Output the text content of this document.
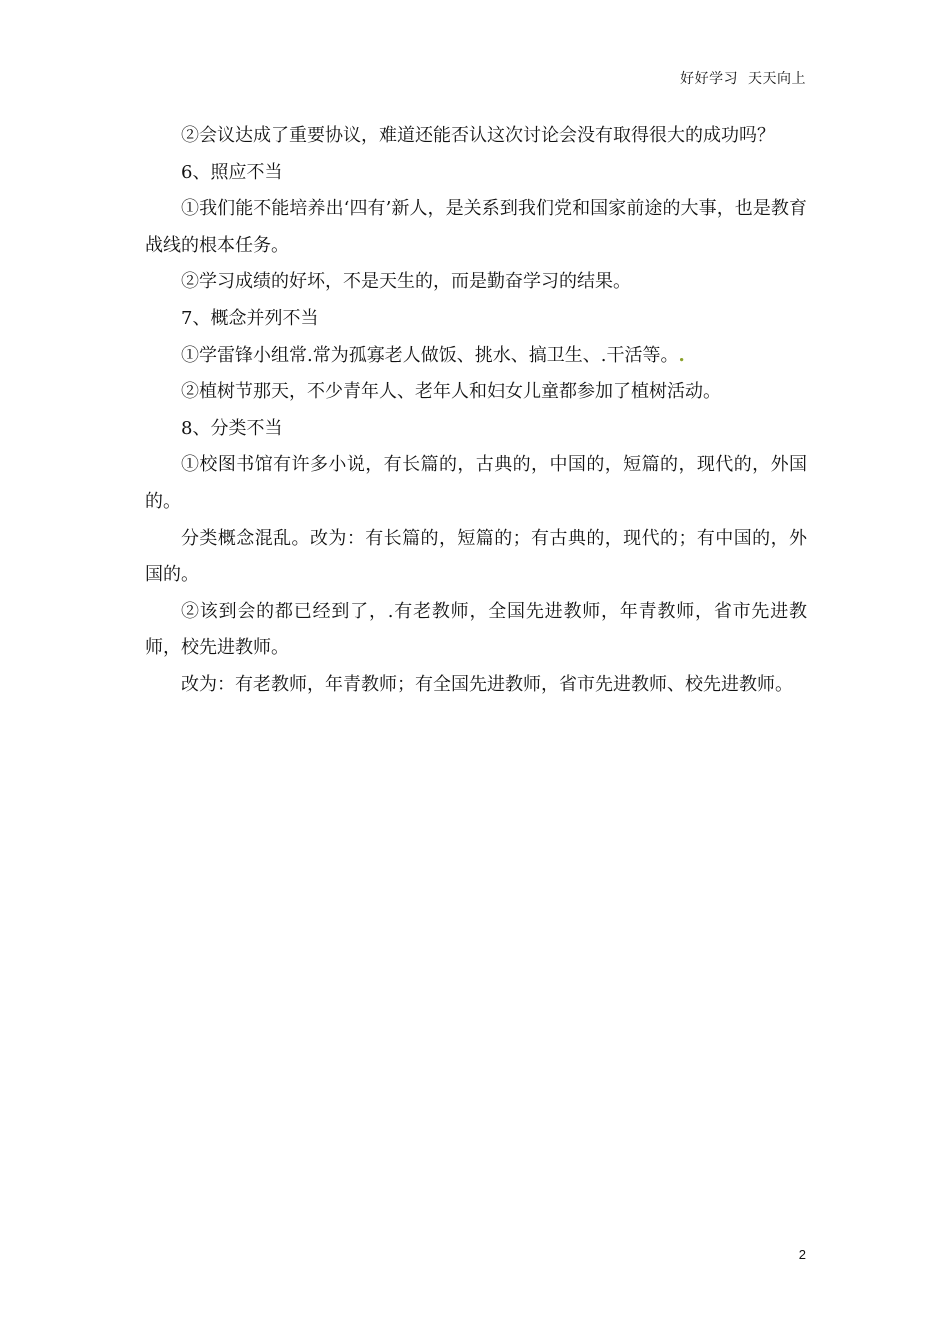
好好学习  天天向上

②会议达成了重要协议，难道还能否认这次讨论会没有取得很大的成功吗？

6、照应不当

①我们能不能培养出‘四有’新人，是关系到我们党和国家前途的大事，也是教育战线的根本任务。

②学习成绩的好坏，不是天生的，而是勤奋学习的结果。

7、概念并列不当

①学雷锋小组常.常为孤寡老人做饭、挑水、搞卫生、.干活等。.

②植树节那天，不少青年人、老年人和妇女儿童都参加了植树活动。

8、分类不当

①校图书馆有许多小说，有长篇的，古典的，中国的，短篇的，现代的，外国的。

分类概念混乱。改为：有长篇的，短篇的；有古典的，现代的；有中国的，外国的。

②该到会的都已经到了，.有老教师，全国先进教师，年青教师，省市先进教师，校先进教师。

改为：有老教师，年青教师；有全国先进教师，省市先进教师、校先进教师。

2
